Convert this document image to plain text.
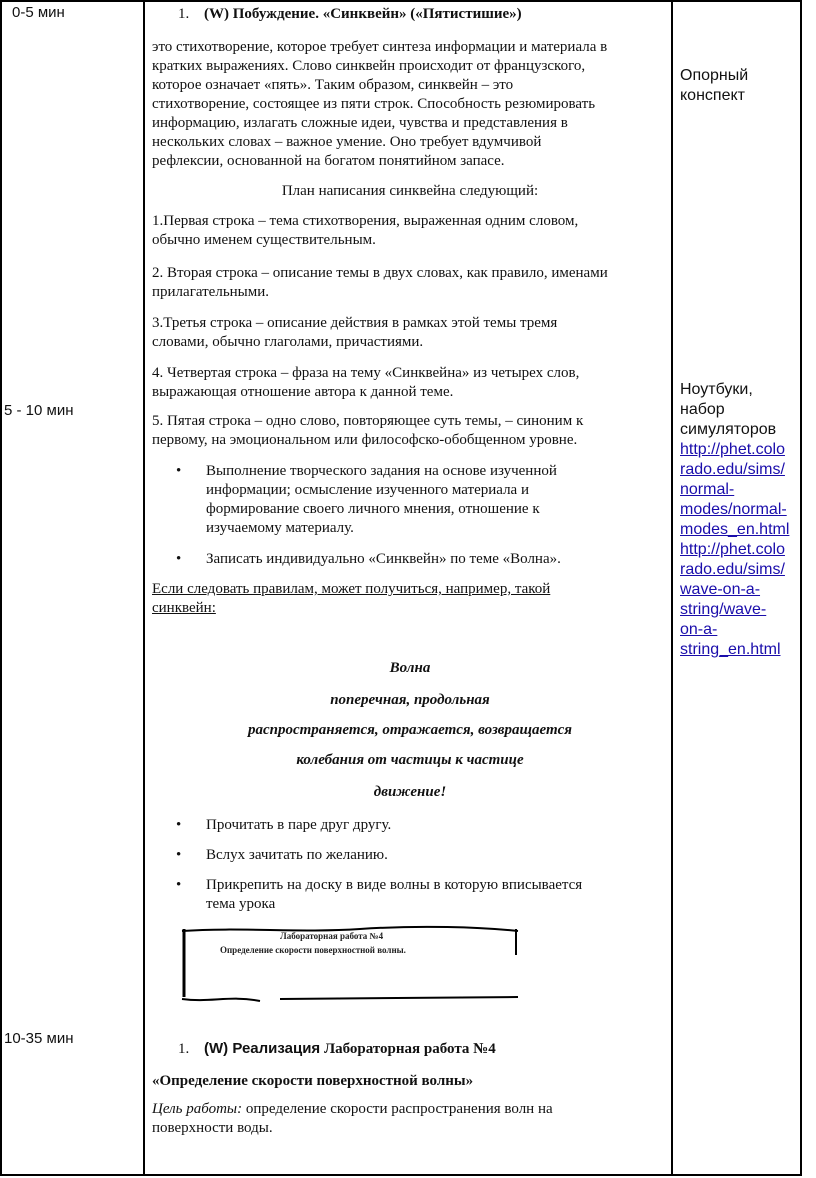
0-5 мин
5 - 10 мин
10-35 мин
1. (W) Побуждение. «Синквейн» («Пятистишие»)
это стихотворение, которое требует синтеза информации и материала в
кратких выражениях. Слово синквейн происходит от французского,
которое означает «пять». Таким образом, синквейн – это
стихотворение, состоящее из пяти строк. Способность резюмировать
информацию, излагать сложные идеи, чувства и представления в
нескольких словах – важное умение. Оно требует вдумчивой
рефлексии, основанной на богатом понятийном запасе.
План написания синквейна следующий:
1.Первая строка – тема стихотворения, выраженная одним словом,
обычно именем существительным.
2. Вторая строка – описание темы в двух словах, как правило, именами
прилагательными.
3.Третья строка – описание действия в рамках этой темы тремя
словами, обычно глаголами, причастиями.
4. Четвертая строка – фраза на тему «Синквейна» из четырех слов,
выражающая отношение автора к данной теме.
5. Пятая строка – одно слово, повторяющее суть темы, – синоним к
первому, на эмоциональном или философско-обобщенном уровне.
• Выполнение творческого задания на основе изученной
информации; осмысление изученного материала и
формирование своего личного мнения, отношение к
изучаемому материалу.
• Записать индивидуально «Синквейн» по теме «Волна».
Если следовать правилам, может получиться, например, такой
синквейн:
Волна
поперечная, продольная
распространяется, отражается, возвращается
колебания от частицы к частице
движение!
• Прочитать в паре друг другу.
• Вслух зачитать по желанию.
• Прикрепить на доску в виде волны в которую вписывается
тема урока
Лабораторная работа №4
Определение скорости поверхностной волны.
1. (W) Реализация Лабораторная работа №4
«Определение скорости поверхностной волны»
Цель работы: определение скорости распространения волн на
поверхности воды.
Опорный
конспект
Ноутбуки,
набор
симуляторов
http://phet.colo
rado.edu/sims/
normal-
modes/normal-
modes_en.html
http://phet.colo
rado.edu/sims/
wave-on-a-
string/wave-
on-a-
string_en.html
